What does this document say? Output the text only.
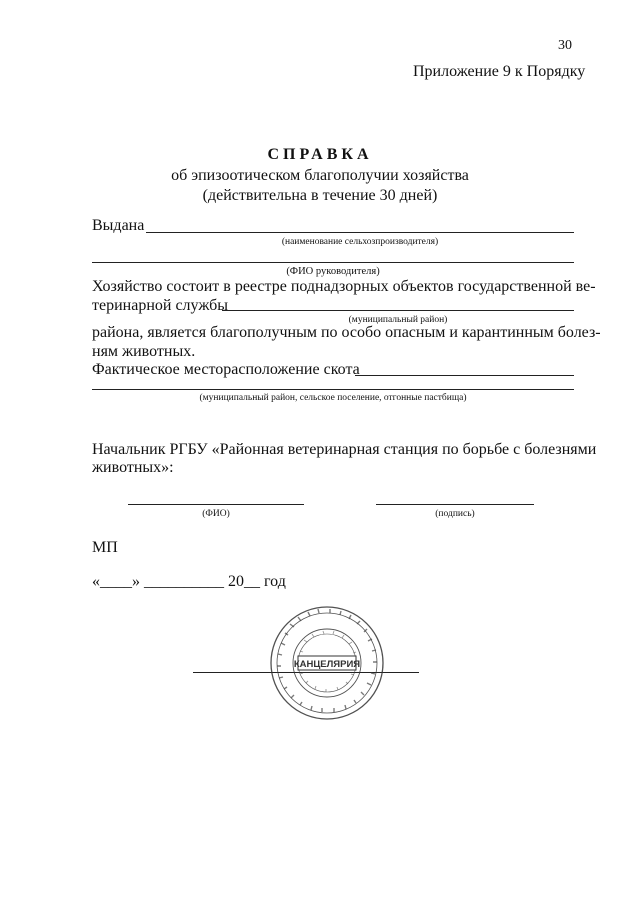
30
Приложение 9 к Порядку
СПРАВКА
об эпизоотическом благополучии хозяйства
(действительна в течение 30 дней)
Выдана
(наименование сельхозпроизводителя)
(ФИО руководителя)
Хозяйство состоит в реестре поднадзорных объектов государственной ве-
теринарной службы
(муниципальный район)
района, является благополучным по особо опасным и карантинным болез-
ням животных.
Фактическое месторасположение скота
(муниципальный район, сельское поселение, отгонные пастбища)
Начальник РГБУ «Районная ветеринарная станция по борьбе с болезнями
животных»:
(ФИО)	(подпись)
МП
«____» __________ 20__ год
КАНЦЕЛЯРИЯ
